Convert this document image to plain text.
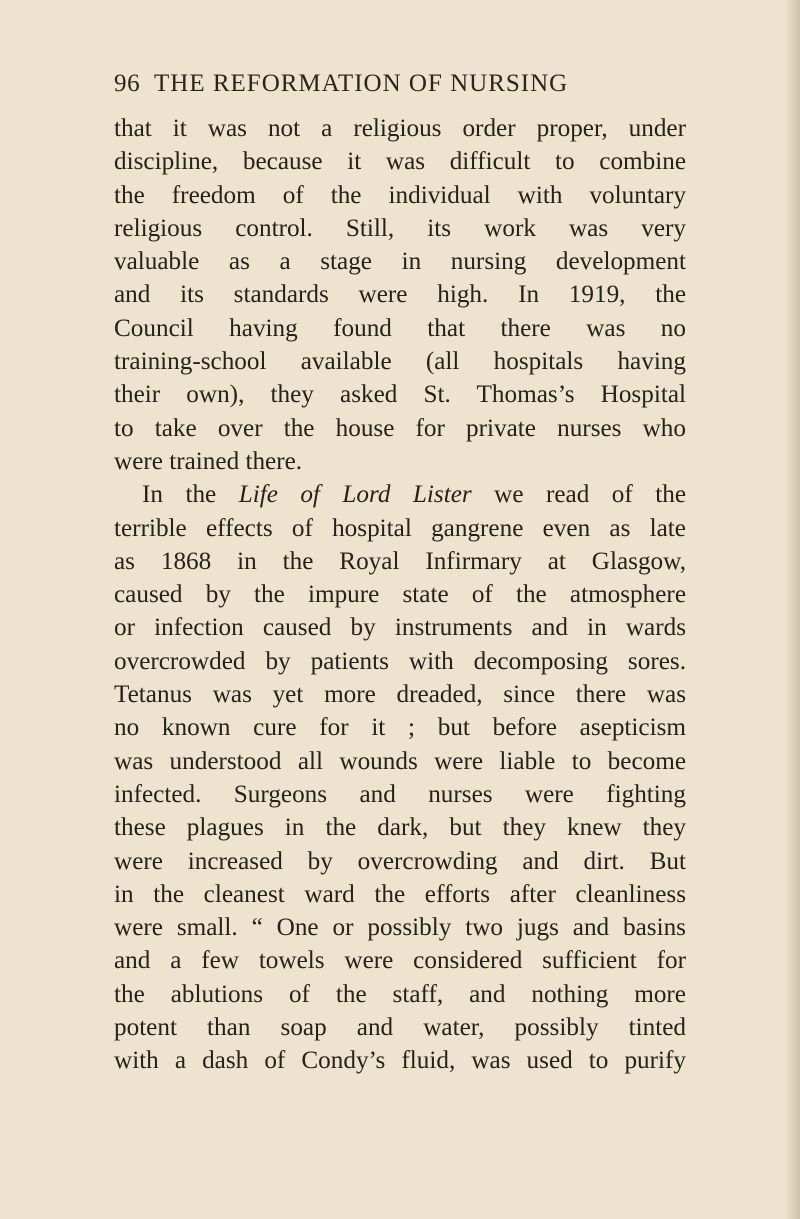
96 THE REFORMATION OF NURSING
that it was not a religious order proper, under
discipline, because it was difficult to combine
the freedom of the individual with voluntary
religious control. Still, its work was very
valuable as a stage in nursing development
and its standards were high. In 1919, the
Council having found that there was no
training-school available (all hospitals having
their own), they asked St. Thomas’s Hospital
to take over the house for private nurses who
were trained there.
In the Life of Lord Lister we read of the
terrible effects of hospital gangrene even as late
as 1868 in the Royal Infirmary at Glasgow,
caused by the impure state of the atmosphere
or infection caused by instruments and in wards
overcrowded by patients with decomposing sores.
Tetanus was yet more dreaded, since there was
no known cure for it ; but before asepticism
was understood all wounds were liable to become
infected. Surgeons and nurses were fighting
these plagues in the dark, but they knew they
were increased by overcrowding and dirt. But
in the cleanest ward the efforts after cleanliness
were small. “ One or possibly two jugs and basins
and a few towels were considered sufficient for
the ablutions of the staff, and nothing more
potent than soap and water, possibly tinted
with a dash of Condy’s fluid, was used to purify
